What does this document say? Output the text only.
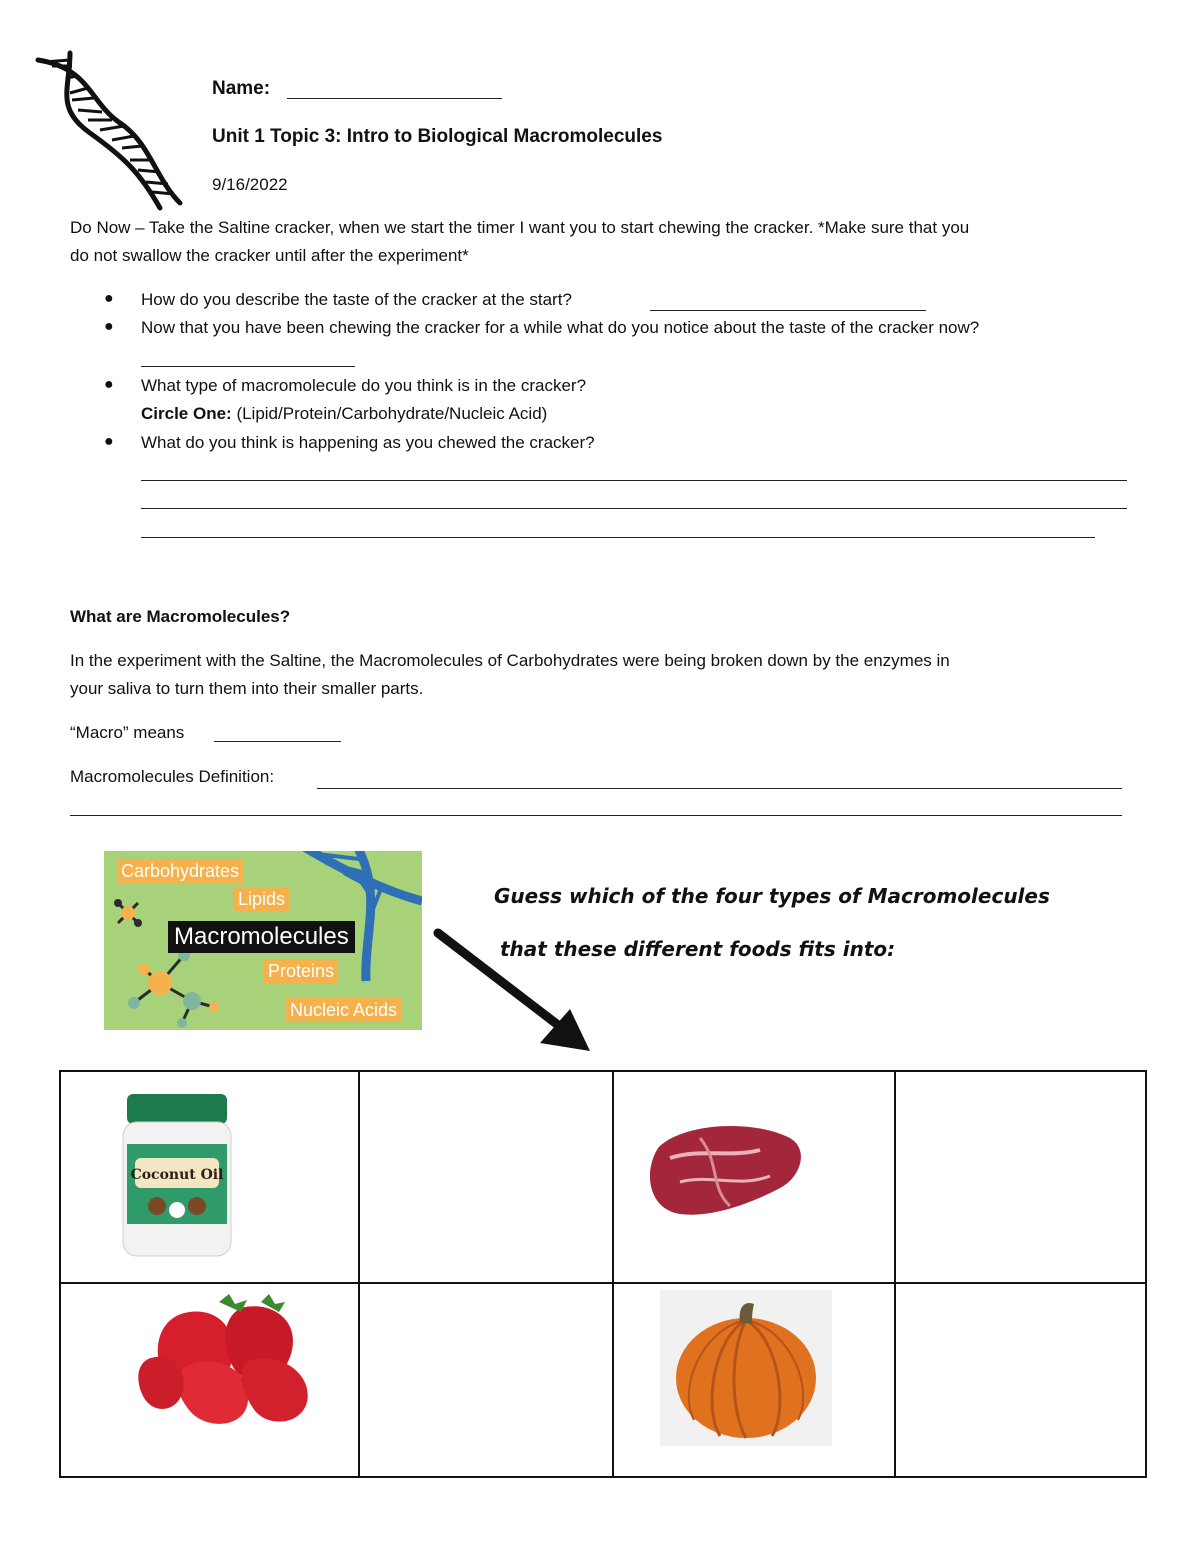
Name:
Unit 1 Topic 3: Intro to Biological Macromolecules
9/16/2022
Do Now – Take the Saltine cracker, when we start the timer I want you to start chewing the cracker. *Make sure that you
do not swallow the cracker until after the experiment*
● How do you describe the taste of the cracker at the start?
● Now that you have been chewing the cracker for a while what do you notice about the taste of the cracker now?
● What type of macromolecule do you think is in the cracker?
Circle One: (Lipid/Protein/Carbohydrate/Nucleic Acid)
● What do you think is happening as you chewed the cracker?
What are Macromolecules?
In the experiment with the Saltine, the Macromolecules of Carbohydrates were being broken down by the enzymes in
your saliva to turn them into their smaller parts.
“Macro” means
Macromolecules Definition:
Carbohydrates
Lipids
Macromolecules
Proteins
Nucleic Acids
Guess which of the four types of Macromolecules
that these different foods fits into:
Coconut Oil
